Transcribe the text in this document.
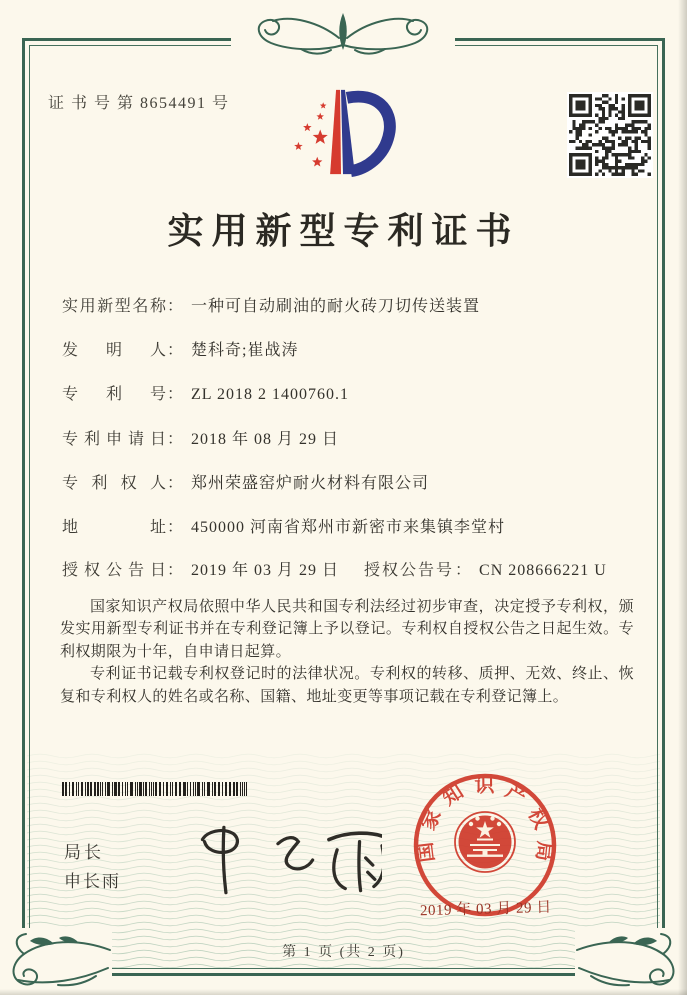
证 书 号 第 8654491 号
实用新型专利证书
实用新型名称： 一种可自动刷油的耐火砖刀切传送装置
发明人： 楚科奇;崔战涛
专利号： ZL 2018 2 1400760.1
专利申请日： 2018 年 08 月 29 日
专利权人： 郑州荣盛窑炉耐火材料有限公司
地址： 450000 河南省郑州市新密市来集镇李堂村
授权公告日： 2019 年 03 月 29 日 授权公告号： CN 208666221 U

国家知识产权局依照中华人民共和国专利法经过初步审查，决定授予专利权，颁发实用新型专利证书并在专利登记簿上予以登记。专利权自授权公告之日起生效。专利权期限为十年，自申请日起算。

专利证书记载专利权登记时的法律状况。专利权的转移、质押、无效、终止、恢复和专利权人的姓名或名称、国籍、地址变更等事项记载在专利登记簿上。

局长
申长雨
国家知识产权局
2019 年 03 月 29 日
第 1 页 (共 2 页)
